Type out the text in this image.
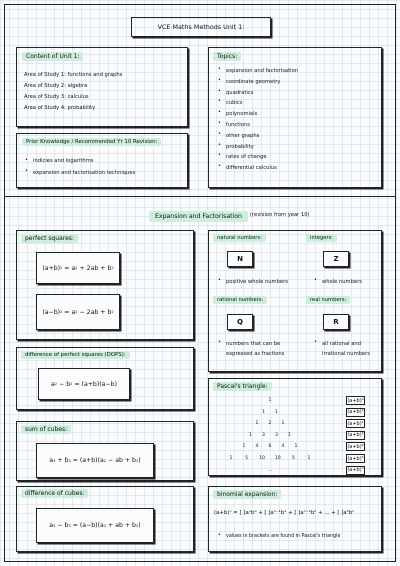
VCE Maths Methods Unit 1:
Content of Unit 1:
Area of Study 1: functions and graphs
Area of Study 2: algebra
Area of Study 3: calculus
Area of Study 4: probability
Prior Knowledge / Recommended Yr 10 Revision:
• indicies and logarithms
• expansion and factorisation techniques
Topics:
• expansion and factorisation
• coordinate geometry
• quadratics
• cubics
• polynomials
• functions
• other graphs
• probability
• rates of change
• differential calculus
Expansion and Factorisation	(revision from year 10)
perfect squares:
(a+b) 2 = a 2 + 2ab + b 2
(a−b) 2 = a 2 − 2ab + b 2
difference of perfect squares (DOPS):
a 2 − b 2 = (a+b)(a−b)
sum of cubes:
a 3 + b 3 = (a+b)(a 2 − ab + b 2 )
difference of cubes:
a 3 − b 3 = (a−b)(a 2 + ab + b 2 )
natural numbers:
N
• positive whole numbers
integers:
Z
• whole numbers
rational numbers:
Q
• numbers that can be
expressed as fractions
real numbers:
R
• all rational and
irrational numbers
Pascal's triangle:
1	(a+b)⁰
1	1	(a+b)¹
1	2	1	(a+b)²
1	3	3	1	(a+b)³
1	4	6	4	1	(a+b)⁴
1	5	10	10	5	1	(a+b)⁵
...	(a+b)ⁿ
binomial expansion:
(a+b)ⁿ = [ ]aⁿb⁰ + [ ]aⁿ⁻¹b¹ + [ ]aⁿ⁻²b² + ... + [ ]a⁰bⁿ
• values in brackets are found in Pascal's triangle
